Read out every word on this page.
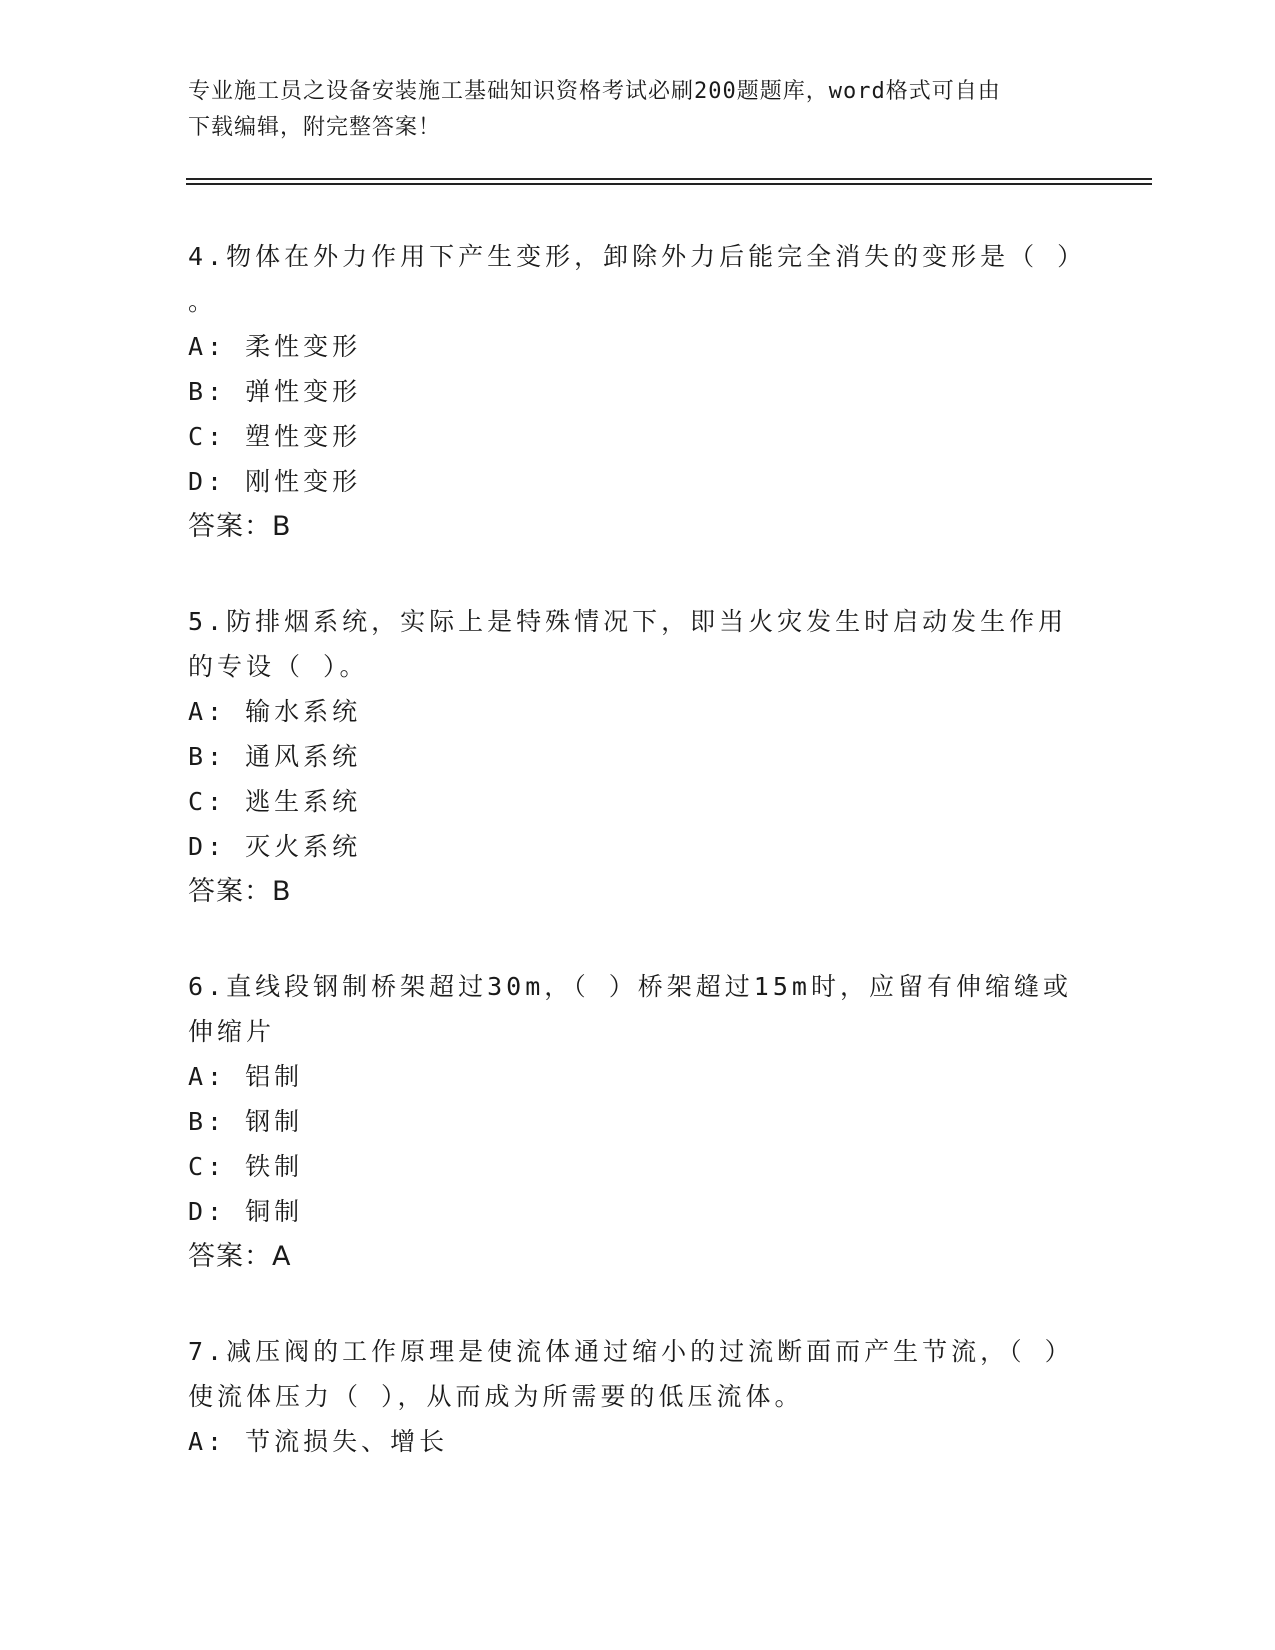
专业施工员之设备安装施工基础知识资格考试必刷200题题库，word格式可自由
下载编辑，附完整答案！
4.物体在外力作用下产生变形，卸除外力后能完全消失的变形是（ ）
。
A: 柔性变形
B: 弹性变形
C: 塑性变形
D: 刚性变形
答案：B
5.防排烟系统，实际上是特殊情况下，即当火灾发生时启动发生作用
的专设（ ）。
A: 输水系统
B: 通风系统
C: 逃生系统
D: 灭火系统
答案：B
6.直线段钢制桥架超过30m，（ ）桥架超过15m时，应留有伸缩缝或
伸缩片
A: 铝制
B: 钢制
C: 铁制
D: 铜制
答案：A
7.减压阀的工作原理是使流体通过缩小的过流断面而产生节流，（ ）
使流体压力（ ），从而成为所需要的低压流体。
A: 节流损失、增长
